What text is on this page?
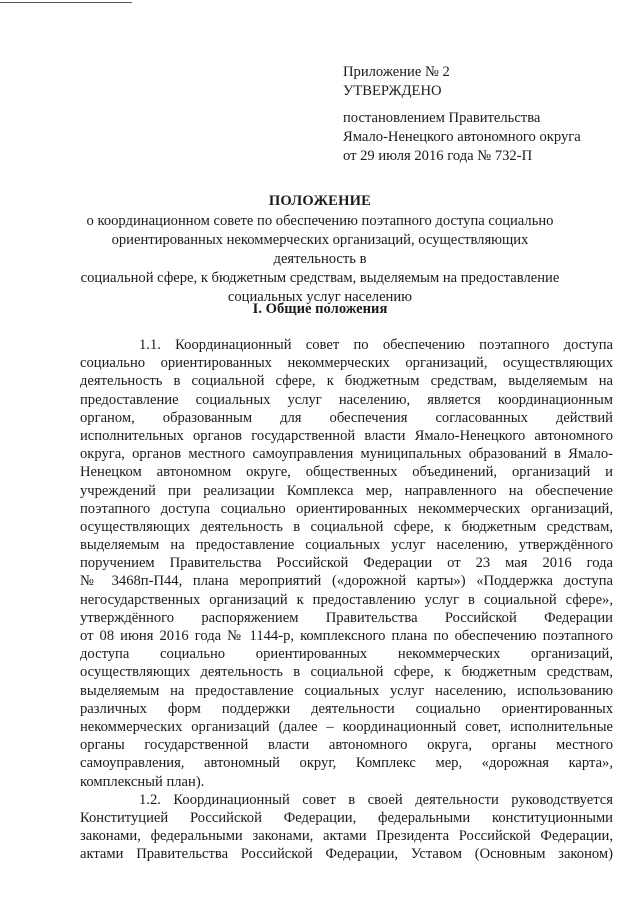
Приложение № 2
УТВЕРЖДЕНО
постановлением Правительства
Ямало-Ненецкого автономного округа
от 29 июля 2016 года № 732-П
ПОЛОЖЕНИЕ
о координационном совете по обеспечению поэтапного доступа социально
ориентированных некоммерческих организаций, осуществляющих деятельность в
социальной сфере, к бюджетным средствам, выделяемым на предоставление
социальных услуг населению
I. Общие положения
1.1. Координационный совет по обеспечению поэтапного доступа
социально ориентированных некоммерческих организаций, осуществляющих
деятельность в социальной сфере, к бюджетным средствам, выделяемым на
предоставление социальных услуг населению, является координационным
органом, образованным для обеспечения согласованных действий
исполнительных органов государственной власти Ямало-Ненецкого автономного
округа, органов местного самоуправления муниципальных образований в Ямало-
Ненецком автономном округе, общественных объединений, организаций и
учреждений при реализации Комплекса мер, направленного на обеспечение
поэтапного доступа социально ориентированных некоммерческих организаций,
осуществляющих деятельность в социальной сфере, к бюджетным средствам,
выделяемым на предоставление социальных услуг населению, утверждённого
поручением Правительства Российской Федерации от 23 мая 2016 года
№ 3468п-П44, плана мероприятий («дорожной карты») «Поддержка доступа
негосударственных организаций к предоставлению услуг в социальной сфере»,
утверждённого распоряжением Правительства Российской Федерации
от 08 июня 2016 года № 1144-р, комплексного плана по обеспечению поэтапного
доступа социально ориентированных некоммерческих организаций,
осуществляющих деятельность в социальной сфере, к бюджетным средствам,
выделяемым на предоставление социальных услуг населению, использованию
различных форм поддержки деятельности социально ориентированных
некоммерческих организаций (далее – координационный совет, исполнительные
органы государственной власти автономного округа, органы местного
самоуправления, автономный округ, Комплекс мер, «дорожная карта»,
комплексный план).
1.2. Координационный совет в своей деятельности руководствуется
Конституцией Российской Федерации, федеральными конституционными
законами, федеральными законами, актами Президента Российской Федерации,
актами Правительства Российской Федерации, Уставом (Основным законом)
